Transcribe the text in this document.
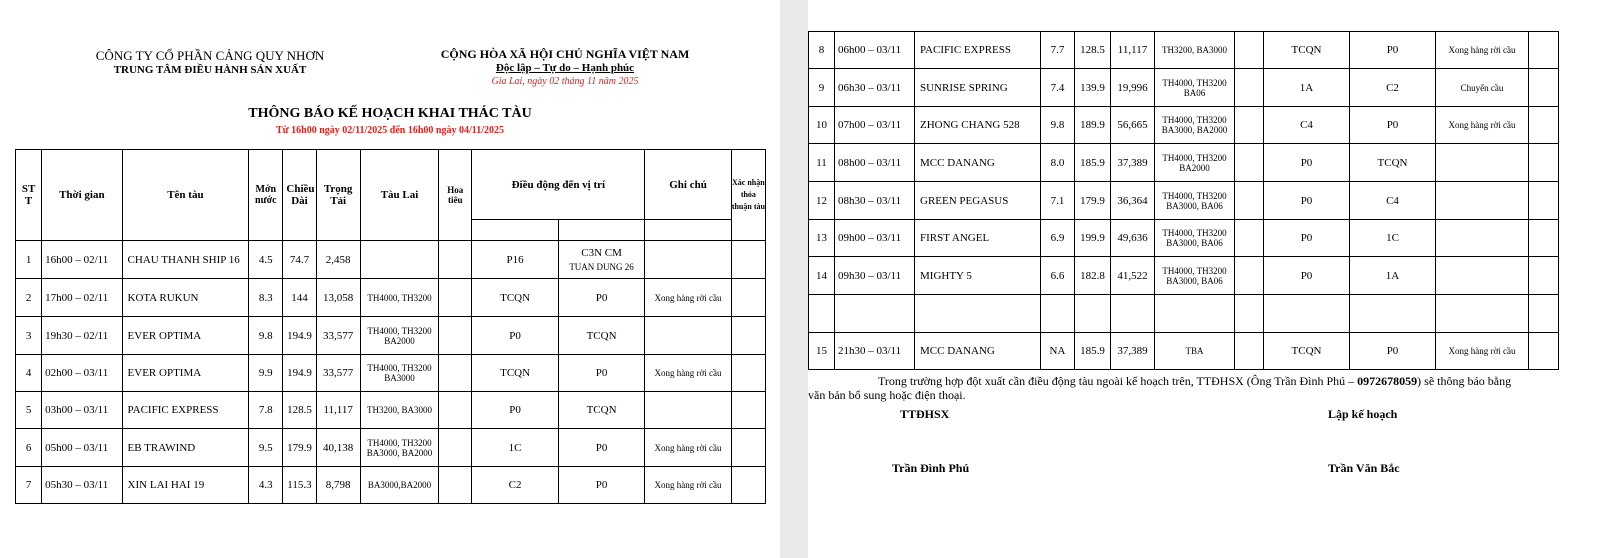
CÔNG TY CỔ PHẦN CẢNG QUY NHƠN
TRUNG TÂM ĐIỀU HÀNH SẢN XUẤT
CỘNG HÒA XÃ HỘI CHỦ NGHĨA VIỆT NAM
Độc lập – Tự do – Hạnh phúc
Gia Lai, ngày 02 tháng 11 năm 2025
THÔNG BÁO KẾ HOẠCH KHAI THÁC TÀU
Từ 16h00 ngày 02/11/2025 đến 16h00 ngày 04/11/2025
ST T	Thời gian	Tên tàu	Mớn nước	Chiều Dài	Trọng Tải	Tàu Lai	Hoa tiêu	Điều động đến vị trí		Ghi chú	Xác nhận thỏa thuận tàu

1	16h00 – 02/11	CHAU THANH SHIP 16	4.5	74.7	2,458			P16	C3N CM
TUAN DUNG 26		

2	17h00 – 02/11	KOTA RUKUN	8.3	144	13,058	TH4000, TH3200		TCQN	P0	Xong hàng rời cầu	
3	19h30 – 02/11	EVER OPTIMA	9.8	194.9	33,577	TH4000, TH3200 BA2000		P0	TCQN		
4	02h00 – 03/11	EVER OPTIMA	9.9	194.9	33,577	TH4000, TH3200 BA3000		TCQN	P0	Xong hàng rời cầu	
5	03h00 – 03/11	PACIFIC EXPRESS	7.8	128.5	11,117	TH3200, BA3000		P0	TCQN		
6	05h00 – 03/11	EB TRAWIND	9.5	179.9	40,138	TH4000, TH3200 BA3000, BA2000		1C	P0	Xong hàng rời cầu	
7	05h30 – 03/11	XIN LAI HAI 19	4.3	115.3	8,798	BA3000,BA2000		C2	P0	Xong hàng rời cầu	
8	06h00 – 03/11	PACIFIC EXPRESS	7.7	128.5	11,117	TH3200, BA3000		TCQN	P0	Xong hàng rời cầu	
9	06h30 – 03/11	SUNRISE SPRING	7.4	139.9	19,996	TH4000, TH3200 BA06		1A	C2	Chuyển cầu	
10	07h00 – 03/11	ZHONG CHANG 528	9.8	189.9	56,665	TH4000, TH3200 BA3000, BA2000		C4	P0	Xong hàng rời cầu	
11	08h00 – 03/11	MCC DANANG	8.0	185.9	37,389	TH4000, TH3200 BA2000		P0	TCQN		
12	08h30 – 03/11	GREEN PEGASUS	7.1	179.9	36,364	TH4000, TH3200 BA3000, BA06		P0	C4		
13	09h00 – 03/11	FIRST ANGEL	6.9	199.9	49,636	TH4000, TH3200 BA3000, BA06		P0	1C		
14	09h30 – 03/11	MIGHTY 5	6.6	182.8	41,522	TH4000, TH3200 BA3000, BA06		P0	1A		

15	21h30 – 03/11	MCC DANANG	NA	185.9	37,389	TBA		TCQN	P0	Xong hàng rời cầu	
Trong trường hợp đột xuất cần điều động tàu ngoài kế hoạch trên, TTĐHSX (Ông Trần Đình Phú – 0972678059) sẽ thông báo bằng
văn bản bổ sung hoặc điện thoại.
TTĐHSX	Lập kế hoạch
Trần Đình Phú	Trần Văn Bắc
